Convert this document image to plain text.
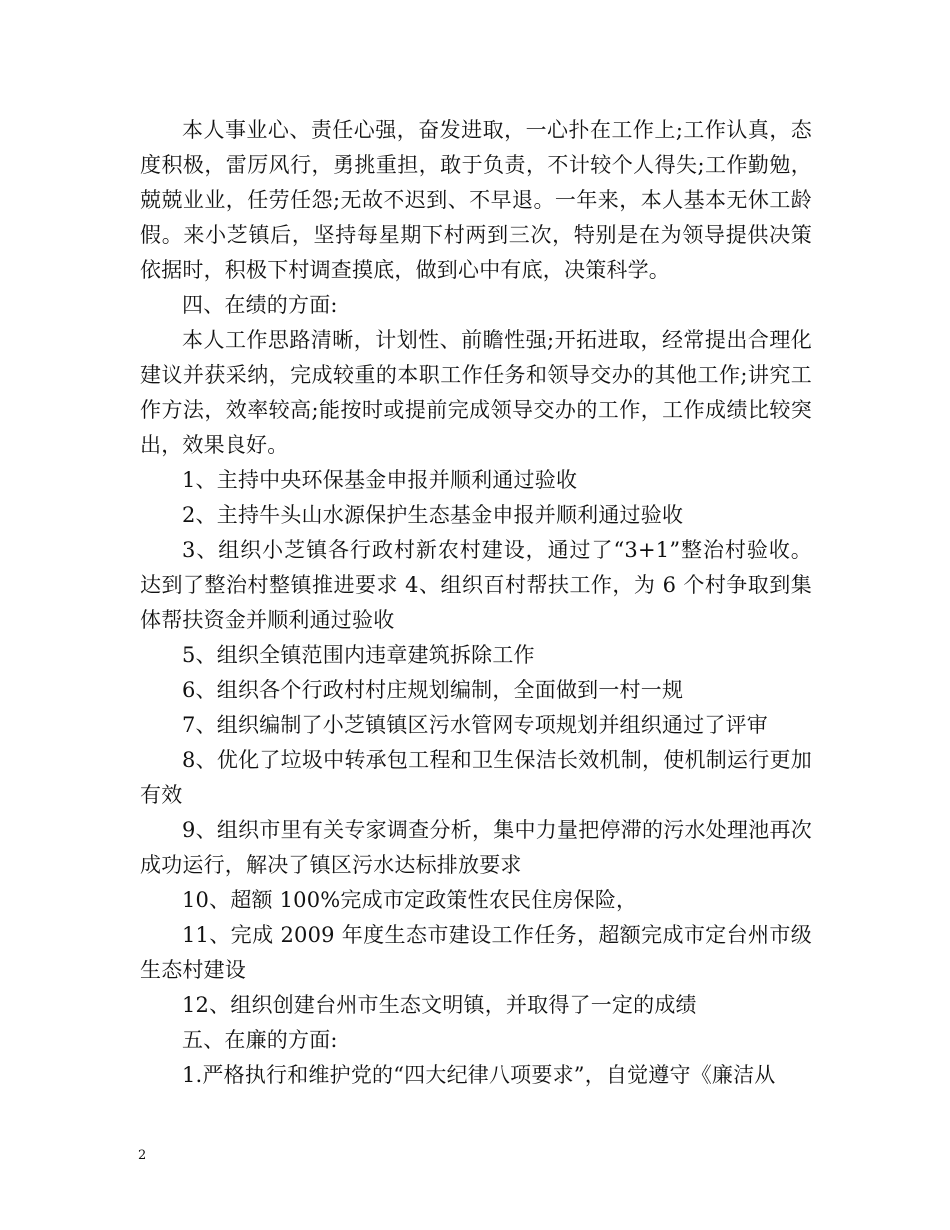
本人事业心、责任心强，奋发进取，一心扑在工作上;工作认真，态度积极，雷厉风行，勇挑重担，敢于负责，不计较个人得失;工作勤勉，兢兢业业，任劳任怨;无故不迟到、不早退。一年来，本人基本无休工龄假。来小芝镇后，坚持每星期下村两到三次，特别是在为领导提供决策依据时，积极下村调查摸底，做到心中有底，决策科学。

四、在绩的方面:

本人工作思路清晰，计划性、前瞻性强;开拓进取，经常提出合理化建议并获采纳，完成较重的本职工作任务和领导交办的其他工作;讲究工作方法，效率较高;能按时或提前完成领导交办的工作，工作成绩比较突出，效果良好。

1、主持中央环保基金申报并顺利通过验收

2、主持牛头山水源保护生态基金申报并顺利通过验收

3、组织小芝镇各行政村新农村建设，通过了“3+1”整治村验收。达到了整治村整镇推进要求 4、组织百村帮扶工作，为 6 个村争取到集体帮扶资金并顺利通过验收

5、组织全镇范围内违章建筑拆除工作

6、组织各个行政村村庄规划编制，全面做到一村一规

7、组织编制了小芝镇镇区污水管网专项规划并组织通过了评审

8、优化了垃圾中转承包工程和卫生保洁长效机制，使机制运行更加有效

9、组织市里有关专家调查分析，集中力量把停滞的污水处理池再次成功运行，解决了镇区污水达标排放要求

10、超额 100%完成市定政策性农民住房保险，

11、完成 2009 年度生态市建设工作任务，超额完成市定台州市级生态村建设

12、组织创建台州市生态文明镇，并取得了一定的成绩

五、在廉的方面:

1.严格执行和维护党的“四大纪律八项要求”，自觉遵守《廉洁从

2
